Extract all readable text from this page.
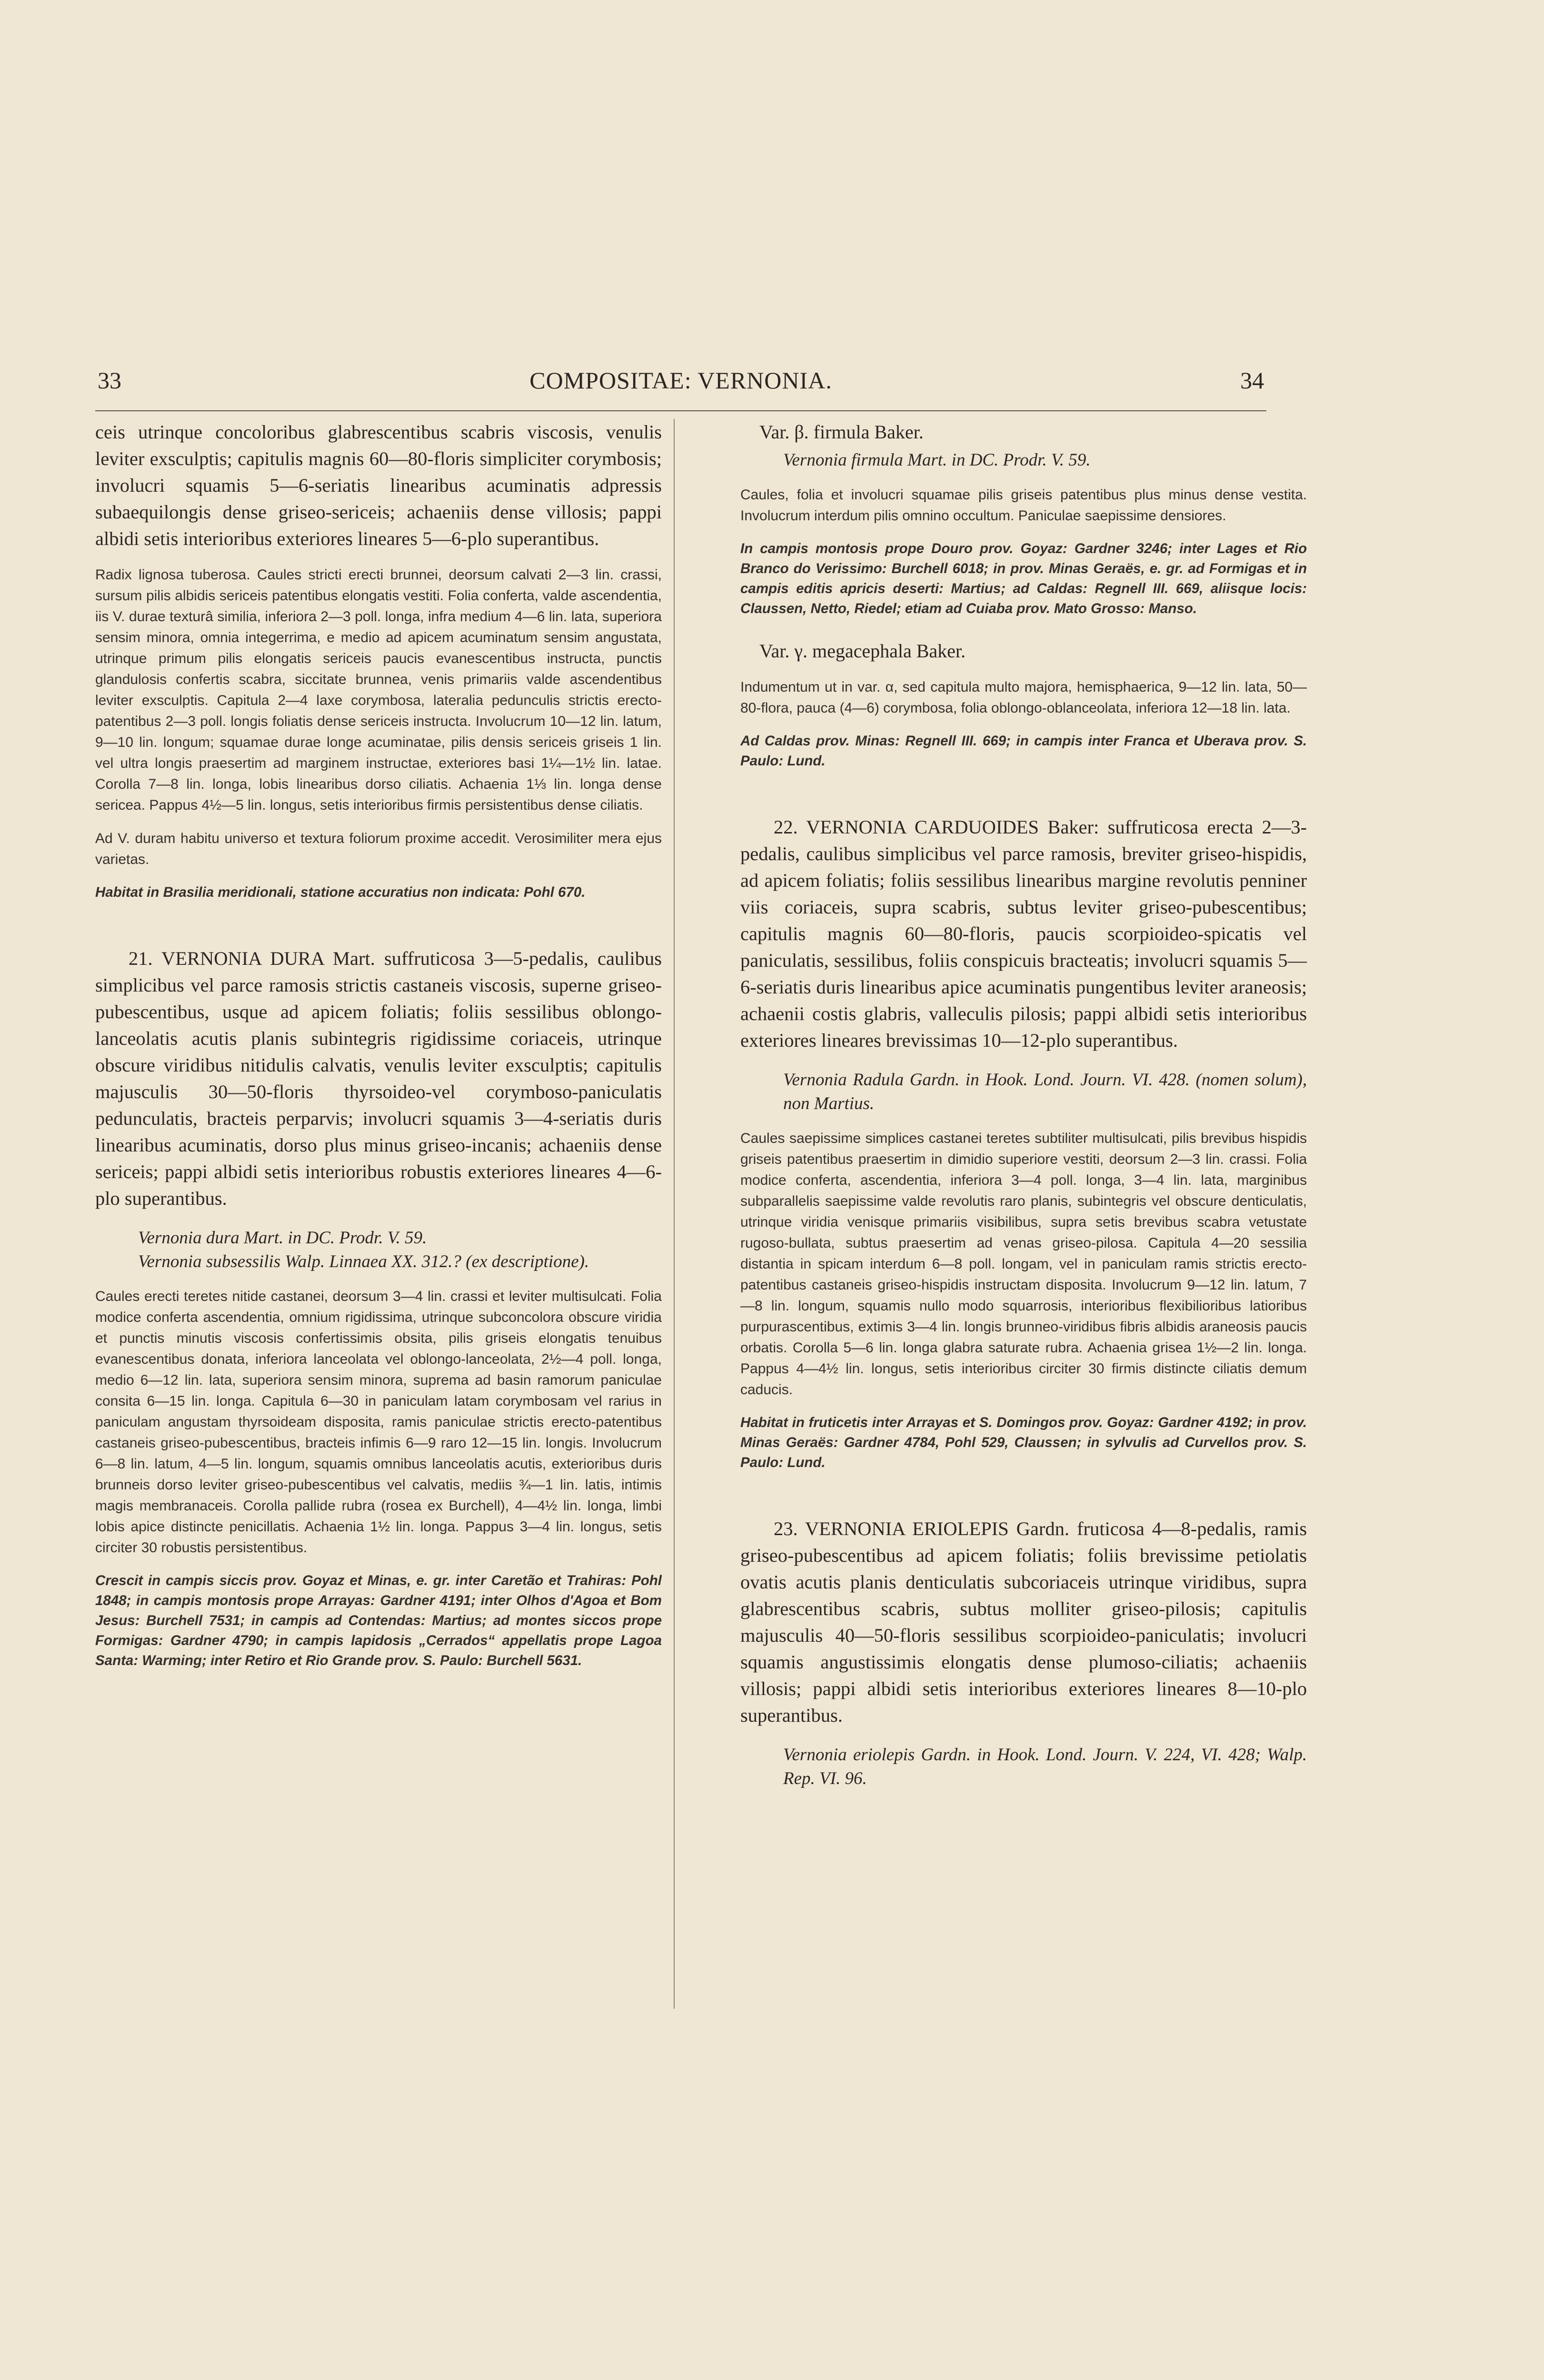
33	COMPOSITAE: VERNONIA.	34

ceis utrinque concoloribus glabrescentibus scabris viscosis, venulis leviter exsculptis; capitulis magnis 60—80-floris simpliciter corymbosis; involucri squamis 5—6-seriatis linearibus acuminatis adpressis subaequilongis dense griseo-sericeis; achaeniis dense villosis; pappi albidi setis interioribus exteriores lineares 5—6-plo superantibus.

Radix lignosa tuberosa. Caules stricti erecti brunnei, deorsum calvati 2—3 lin. crassi, sursum pilis albidis sericeis patentibus elongatis vestiti. Folia conferta, valde ascendentia, iis V. durae texturâ similia, inferiora 2—3 poll. longa, infra medium 4—6 lin. lata, superiora sensim minora, omnia integerrima, e medio ad apicem acuminatum sensim angustata, utrinque primum pilis elongatis sericeis paucis evanescentibus instructa, punctis glandulosis confertis scabra, siccitate brunnea, venis primariis valde ascendentibus leviter exsculptis. Capitula 2—4 laxe corymbosa, lateralia pedunculis strictis erecto-patentibus 2—3 poll. longis foliatis dense sericeis instructa. Involucrum 10—12 lin. latum, 9—10 lin. longum; squamae durae longe acuminatae, pilis densis sericeis griseis 1 lin. vel ultra longis praesertim ad marginem instructae, exteriores basi 1¼—1½ lin. latae. Corolla 7—8 lin. longa, lobis linearibus dorso ciliatis. Achaenia 1⅓ lin. longa dense sericea. Pappus 4½—5 lin. longus, setis interioribus firmis persistentibus dense ciliatis.

Ad V. duram habitu universo et textura foliorum proxime accedit. Verosimiliter mera ejus varietas.

Habitat in Brasilia meridionali, statione accuratius non indicata: Pohl 670.

21. VERNONIA DURA Mart. suffruticosa 3—5-pedalis, caulibus simplicibus vel parce ramosis strictis castaneis viscosis, superne griseo-pubescentibus, usque ad apicem foliatis; foliis sessilibus oblongo-lanceolatis acutis planis subintegris rigidissime coriaceis, utrinque obscure viridibus nitidulis calvatis, venulis leviter exsculptis; capitulis majusculis 30—50-floris thyrsoideo-vel corymboso-paniculatis pedunculatis, bracteis perparvis; involucri squamis 3—4-seriatis duris linearibus acuminatis, dorso plus minus griseo-incanis; achaeniis dense sericeis; pappi albidi setis interioribus robustis exteriores lineares 4—6-plo superantibus.

Vernonia dura Mart. in DC. Prodr. V. 59.
Vernonia subsessilis Walp. Linnaea XX. 312.? (ex descriptione).

Caules erecti teretes nitide castanei, deorsum 3—4 lin. crassi et leviter multisulcati. Folia modice conferta ascendentia, omnium rigidissima, utrinque subconcolora obscure viridia et punctis minutis viscosis confertissimis obsita, pilis griseis elongatis tenuibus evanescentibus donata, inferiora lanceolata vel oblongo-lanceolata, 2½—4 poll. longa, medio 6—12 lin. lata, superiora sensim minora, suprema ad basin ramorum paniculae consita 6—15 lin. longa. Capitula 6—30 in paniculam latam corymbosam vel rarius in paniculam angustam thyrsoideam disposita, ramis paniculae strictis erecto-patentibus castaneis griseo-pubescentibus, bracteis infimis 6—9 raro 12—15 lin. longis. Involucrum 6—8 lin. latum, 4—5 lin. longum, squamis omnibus lanceolatis acutis, exterioribus duris brunneis dorso leviter griseo-pubescentibus vel calvatis, mediis ¾—1 lin. latis, intimis magis membranaceis. Corolla pallide rubra (rosea ex Burchell), 4—4½ lin. longa, limbi lobis apice distincte penicillatis. Achaenia 1½ lin. longa. Pappus 3—4 lin. longus, setis circiter 30 robustis persistentibus.

Crescit in campis siccis prov. Goyaz et Minas, e. gr. inter Caretão et Trahiras: Pohl 1848; in campis montosis prope Arrayas: Gardner 4191; inter Olhos d'Agoa et Bom Jesus: Burchell 7531; in campis ad Contendas: Martius; ad montes siccos prope Formigas: Gardner 4790; in campis lapidosis „Cerrados“ appellatis prope Lagoa Santa: Warming; inter Retiro et Rio Grande prov. S. Paulo: Burchell 5631.

Var. β. firmula Baker.

Vernonia firmula Mart. in DC. Prodr. V. 59.

Caules, folia et involucri squamae pilis griseis patentibus plus minus dense vestita. Involucrum interdum pilis omnino occultum. Paniculae saepissime densiores.

In campis montosis prope Douro prov. Goyaz: Gardner 3246; inter Lages et Rio Branco do Verissimo: Burchell 6018; in prov. Minas Geraës, e. gr. ad Formigas et in campis editis apricis deserti: Martius; ad Caldas: Regnell III. 669, aliisque locis: Claussen, Netto, Riedel; etiam ad Cuiaba prov. Mato Grosso: Manso.

Var. γ. megacephala Baker.

Indumentum ut in var. α, sed capitula multo majora, hemisphaerica, 9—12 lin. lata, 50—80-flora, pauca (4—6) corymbosa, folia oblongo-oblanceolata, inferiora 12—18 lin. lata.

Ad Caldas prov. Minas: Regnell III. 669; in campis inter Franca et Uberava prov. S. Paulo: Lund.

22. VERNONIA CARDUOIDES Baker: suffruticosa erecta 2—3-pedalis, caulibus simplicibus vel parce ramosis, breviter griseo-hispidis, ad apicem foliatis; foliis sessilibus linearibus margine revolutis penniner viis coriaceis, supra scabris, subtus leviter griseo-pubescentibus; capitulis magnis 60—80-floris, paucis scorpioideo-spicatis vel paniculatis, sessilibus, foliis conspicuis bracteatis; involucri squamis 5—6-seriatis duris linearibus apice acuminatis pungentibus leviter araneosis; achaenii costis glabris, valleculis pilosis; pappi albidi setis interioribus exteriores lineares brevissimas 10—12-plo superantibus.

Vernonia Radula Gardn. in Hook. Lond. Journ. VI. 428. (nomen solum), non Martius.

Caules saepissime simplices castanei teretes subtiliter multisulcati, pilis brevibus hispidis griseis patentibus praesertim in dimidio superiore vestiti, deorsum 2—3 lin. crassi. Folia modice conferta, ascendentia, inferiora 3—4 poll. longa, 3—4 lin. lata, marginibus subparallelis saepissime valde revolutis raro planis, subintegris vel obscure denticulatis, utrinque viridia venisque primariis visibilibus, supra setis brevibus scabra vetustate rugoso-bullata, subtus praesertim ad venas griseo-pilosa. Capitula 4—20 sessilia distantia in spicam interdum 6—8 poll. longam, vel in paniculam ramis strictis erecto-patentibus castaneis griseo-hispidis instructam disposita. Involucrum 9—12 lin. latum, 7—8 lin. longum, squamis nullo modo squarrosis, interioribus flexibilioribus latioribus purpurascentibus, extimis 3—4 lin. longis brunneo-viridibus fibris albidis araneosis paucis orbatis. Corolla 5—6 lin. longa glabra saturate rubra. Achaenia grisea 1½—2 lin. longa. Pappus 4—4½ lin. longus, setis interioribus circiter 30 firmis distincte ciliatis demum caducis.

Habitat in fruticetis inter Arrayas et S. Domingos prov. Goyaz: Gardner 4192; in prov. Minas Geraës: Gardner 4784, Pohl 529, Claussen; in sylvulis ad Curvellos prov. S. Paulo: Lund.

23. VERNONIA ERIOLEPIS Gardn. fruticosa 4—8-pedalis, ramis griseo-pubescentibus ad apicem foliatis; foliis brevissime petiolatis ovatis acutis planis denticulatis subcoriaceis utrinque viridibus, supra glabrescentibus scabris, subtus molliter griseo-pilosis; capitulis majusculis 40—50-floris sessilibus scorpioideo-paniculatis; involucri squamis angustissimis elongatis dense plumoso-ciliatis; achaeniis villosis; pappi albidi setis interioribus exteriores lineares 8—10-plo superantibus.

Vernonia eriolepis Gardn. in Hook. Lond. Journ. V. 224, VI. 428; Walp. Rep. VI. 96.
